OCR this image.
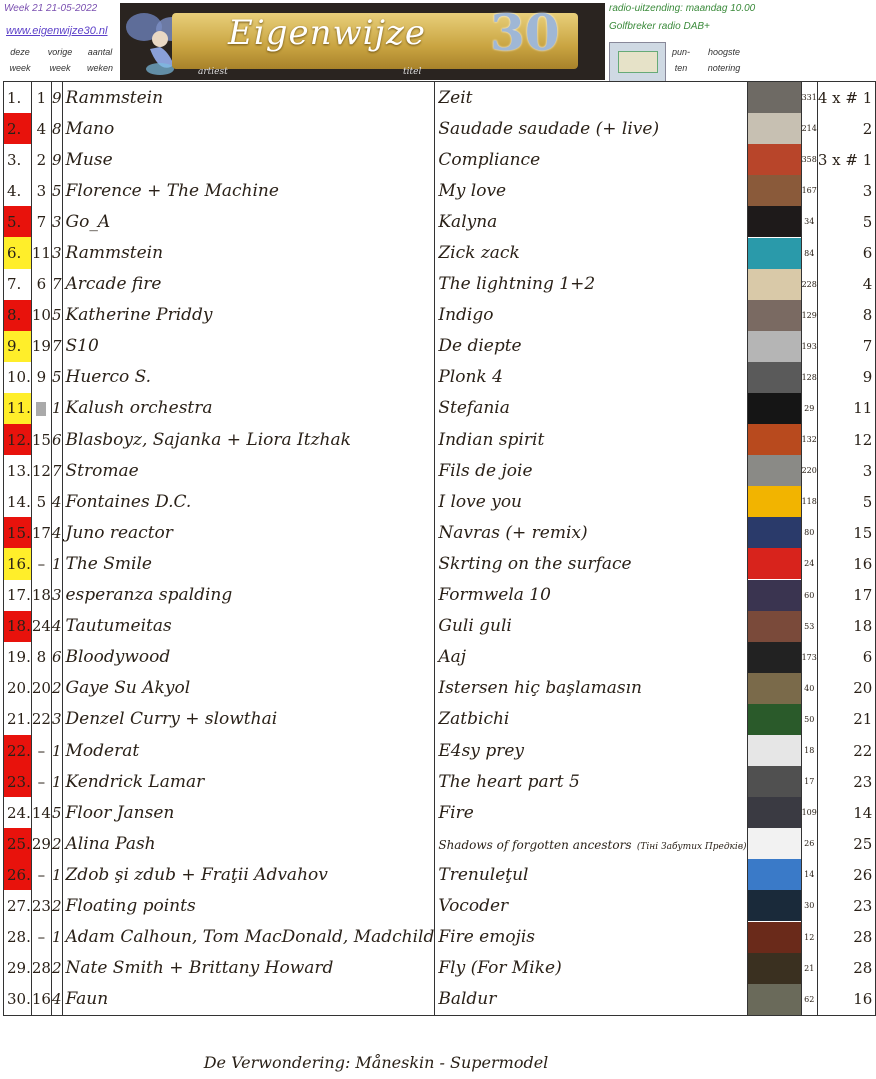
Week 21 21-05-2022
www.eigenwijze30.nl
deze
week
vorige
week
aantal
weken
Eigenwijze 30
artiest	titel
radio-uitzending: maandag 10.00
Golfbreker radio DAB+
pun-
ten
hoogste
notering
1.	1	9	Rammstein	Zeit		331	4 x # 1
2.	4	8	Mano	Saudade saudade (+ live)		214	2
3.	2	9	Muse	Compliance		358	3 x # 1
4.	3	5	Florence + The Machine	My love		167	3
5.	7	3	Go_A	Kalyna		34	5
6.	11	3	Rammstein	Zick zack		84	6
7.	6	7	Arcade fire	The lightning 1+2		228	4
8.	10	5	Katherine Priddy	Indigo		129	8
9.	19	7	S10	De diepte		193	7
10.	9	5	Huerco S.	Plonk 4		128	9
11.		1	Kalush orchestra	Stefania		29	11
12.	15	6	Blasboyz, Sajanka + Liora Itzhak	Indian spirit		132	12
13.	12	7	Stromae	Fils de joie		220	3
14.	5	4	Fontaines D.C.	I love you		118	5
15.	17	4	Juno reactor	Navras (+ remix)		80	15
16.	–	1	The Smile	Skrting on the surface		24	16
17.	18	3	esperanza spalding	Formwela 10		60	17
18.	24	4	Tautumeitas	Guli guli		53	18
19.	8	6	Bloodywood	Aaj		173	6
20.	20	2	Gaye Su Akyol	Istersen hiç başlamasın		40	20
21.	22	3	Denzel Curry + slowthai	Zatbichi		50	21
22.	–	1	Moderat	E4sy prey		18	22
23.	–	1	Kendrick Lamar	The heart part 5		17	23
24.	14	5	Floor Jansen	Fire		109	14
25.	29	2	Alina Pash	Shadows of forgotten ancestors (Тіні Забутих Предків)		26	25
26.	–	1	Zdob şi zdub + Fraţii Advahov	Trenuleţul		14	26
27.	23	2	Floating points	Vocoder		30	23
28.	–	1	Adam Calhoun, Tom MacDonald, Madchild	Fire emojis		12	28
29.	28	2	Nate Smith + Brittany Howard	Fly (For Mike)		21	28
30.	16	4	Faun	Baldur		62	16
De Verwondering: Måneskin - Supermodel
